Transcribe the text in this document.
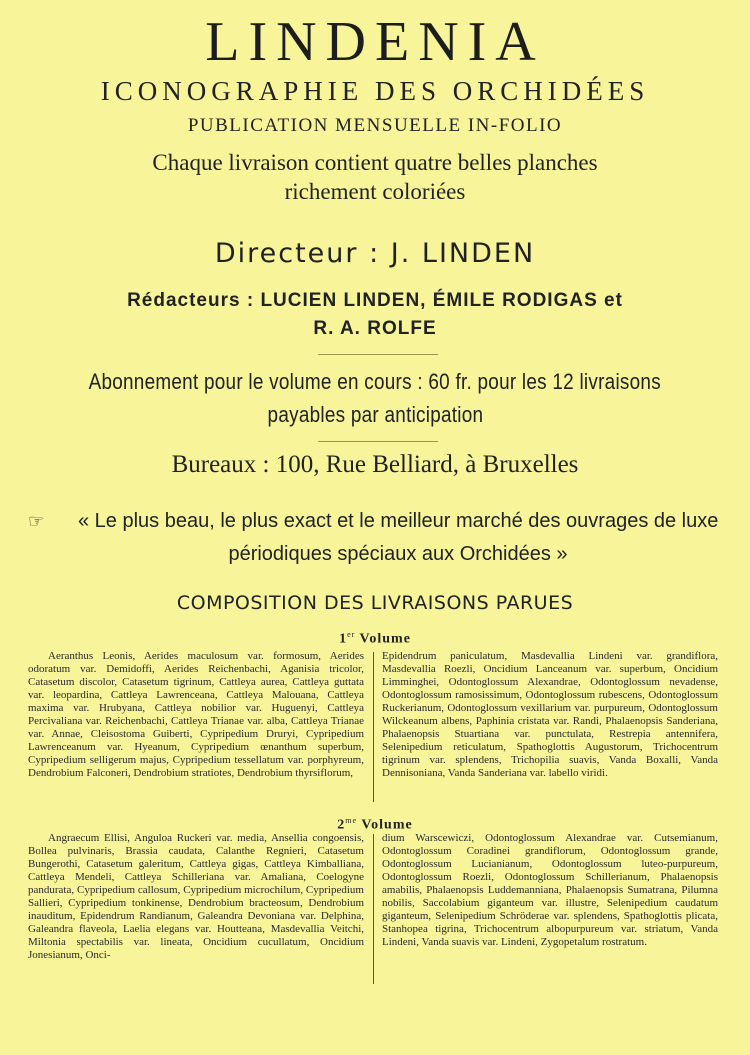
LINDENIA
ICONOGRAPHIE DES ORCHIDÉES
PUBLICATION MENSUELLE IN-FOLIO
Chaque livraison contient quatre belles planches
richement coloriées
Directeur : J. LINDEN
Rédacteurs : LUCIEN LINDEN, ÉMILE RODIGAS et
R. A. ROLFE
Abonnement pour le volume en cours : 60 fr. pour les 12 livraisons
payables par anticipation
Bureaux : 100, Rue Belliard, à Bruxelles
☞ « Le plus beau, le plus exact et le meilleur marché des ouvrages de luxe
périodiques spéciaux aux Orchidées »
COMPOSITION DES LIVRAISONS PARUES
1er Volume
Aeranthus Leonis, Aerides maculosum var. formosum, Aerides odoratum var. Demidoffi, Aerides Reichenbachi, Aganisia tricolor, Catasetum discolor, Catasetum tigrinum, Cattleya aurea, Cattleya guttata var. leopardina, Cattleya Lawrenceana, Cattleya Malouana, Cattleya maxima var. Hrubyana, Cattleya nobilior var. Huguenyi, Cattleya Percivaliana var. Reichenbachi, Cattleya Trianae var. alba, Cattleya Trianae var. Annae, Cleisostoma Guiberti, Cypripedium Druryi, Cypripedium Lawrenceanum var. Hyeanum, Cypripedium œnanthum superbum, Cypripedium selligerum majus, Cypripedium tessellatum var. porphyreum, Dendrobium Falconeri, Dendrobium stratiotes, Dendrobium thyrsiflorum,
Epidendrum paniculatum, Masdevallia Lindeni var. grandiflora, Masdevallia Roezli, Oncidium Lanceanum var. superbum, Oncidium Limminghei, Odontoglossum Alexandrae, Odontoglossum nevadense, Odontoglossum ramosissimum, Odontoglossum rubescens, Odontoglossum Ruckerianum, Odontoglossum vexillarium var. purpureum, Odontoglossum Wilckeanum albens, Paphinia cristata var. Randi, Phalaenopsis Sanderiana, Phalaenopsis Stuartiana var. punctulata, Restrepia antennifera, Selenipedium reticulatum, Spathoglottis Augustorum, Trichocentrum tigrinum var. splendens, Trichopilia suavis, Vanda Boxalli, Vanda Dennisoniana, Vanda Sanderiana var. labello viridi.
$2^{me}$ Volume
Angraecum Ellisi, Anguloa Ruckeri var. media, Ansellia congoensis, Bollea pulvinaris, Brassia caudata, Calanthe Regnieri, Catasetum Bungerothi, Catasetum galeritum, Cattleya gigas, Cattleya Kimballiana, Cattleya Mendeli, Cattleya Schilleriana var. Amaliana, Coelogyne pandurata, Cypripedium callosum, Cypripedium microchilum, Cypripedium Sallieri, Cypripedium tonkinense, Dendrobium bracteosum, Dendrobium inauditum, Epidendrum Randianum, Galeandra Devoniana var. Delphina, Galeandra flaveola, Laelia elegans var. Houtteana, Masdevallia Veitchi, Miltonia spectabilis var. lineata, Oncidium cucullatum, Oncidium Jonesianum, Onci-
dium Warscewiczi, Odontoglossum Alexandrae var. Cutsemianum, Odontoglossum Coradinei grandiflorum, Odontoglossum grande, Odontoglossum Lucianianum, Odontoglossum luteo-purpureum, Odontoglossum Roezli, Odontoglossum Schillerianum, Phalaenopsis amabilis, Phalaenopsis Luddemanniana, Phalaenopsis Sumatrana, Pilumna nobilis, Saccolabium giganteum var. illustre, Selenipedium caudatum giganteum, Selenipedium Schröderae var. splendens, Spathoglottis plicata, Stanhopea tigrina, Trichocentrum albopurpureum var. striatum, Vanda Lindeni, Vanda suavis var. Lindeni, Zygopetalum rostratum.
